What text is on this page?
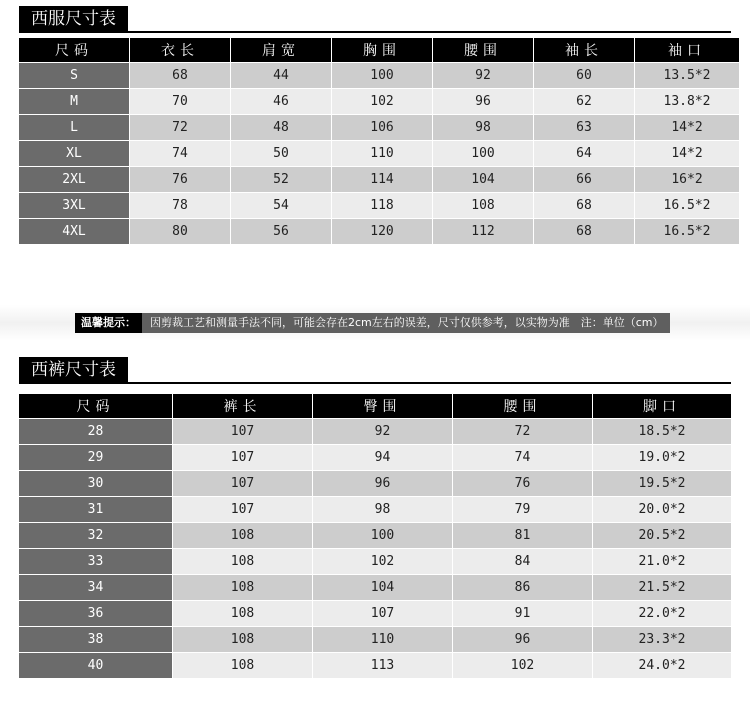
西服尺寸表
尺码	衣长	肩宽	胸围	腰围	袖长	袖口
S	68	44	100	92	60	13.5*2
M	70	46	102	96	62	13.8*2
L	72	48	106	98	63	14*2
XL	74	50	110	100	64	14*2
2XL	76	52	114	104	66	16*2
3XL	78	54	118	108	68	16.5*2
4XL	80	56	120	112	68	16.5*2
温馨提示：	因剪裁工艺和测量手法不同，可能会存在2cm左右的误差，尺寸仅供参考，以实物为准　注：单位（cm）
西裤尺寸表
尺码	裤长	臀围	腰围	脚口
28	107	92	72	18.5*2
29	107	94	74	19.0*2
30	107	96	76	19.5*2
31	107	98	79	20.0*2
32	108	100	81	20.5*2
33	108	102	84	21.0*2
34	108	104	86	21.5*2
36	108	107	91	22.0*2
38	108	110	96	23.3*2
40	108	113	102	24.0*2
